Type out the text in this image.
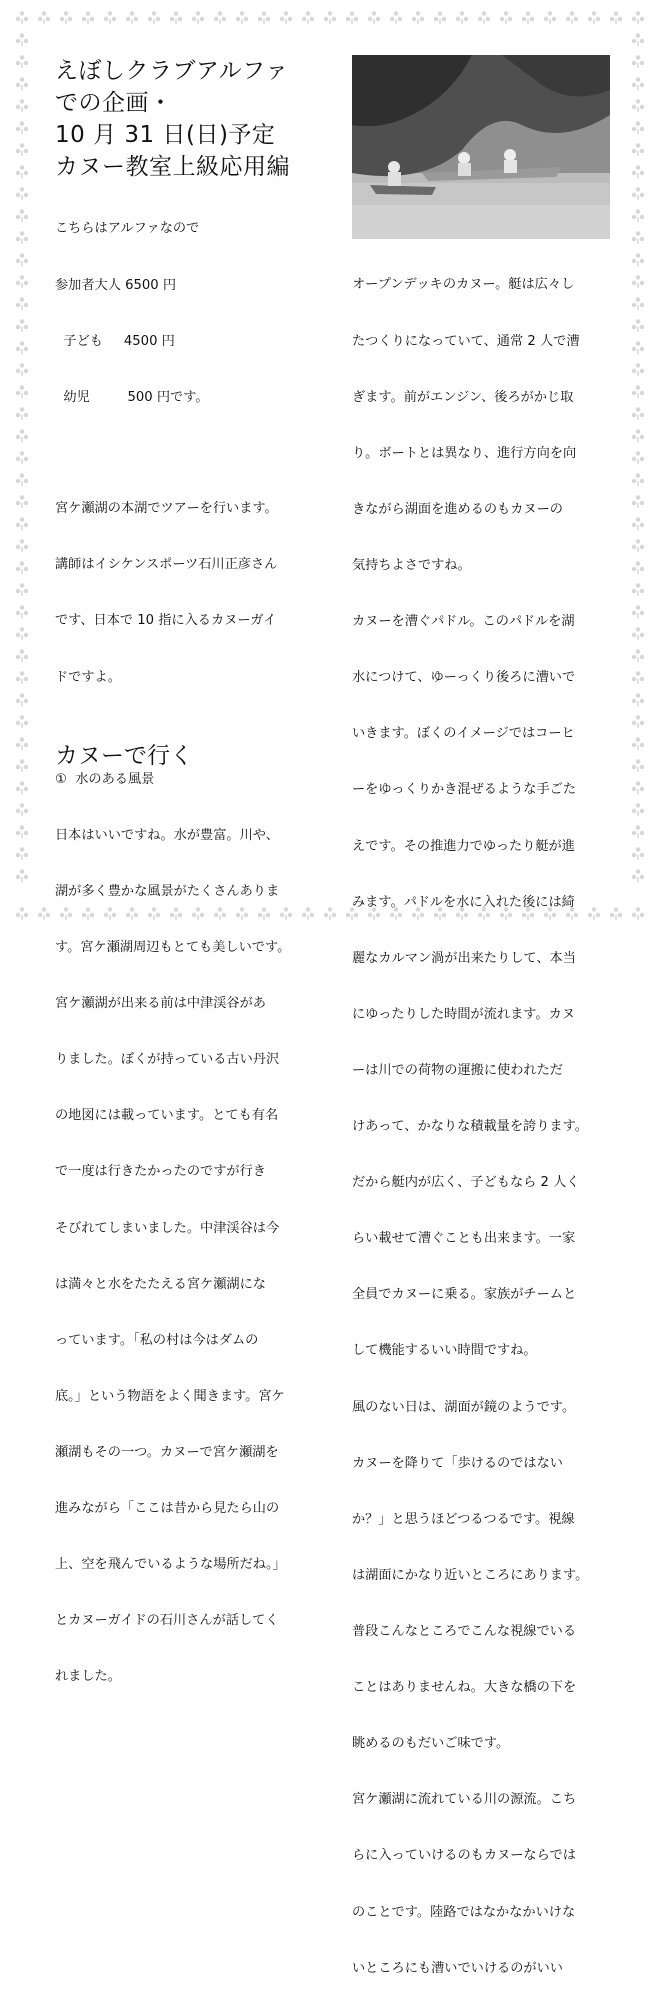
えぼしクラブアルファ
での企画・
10 月 31 日(日)予定
カヌー教室上級応用編

こちらはアルファなので

参加者大人 6500 円

子ども     4500 円

幼児         500 円です。

宮ケ瀬湖の本湖でツアーを行います。

講師はイシケンスポーツ石川正彦さん

です、日本で 10 指に入るカヌーガイ

ドですよ。

カヌーで行く
①  水のある風景

日本はいいですね。水が豊富。川や、

湖が多く豊かな風景がたくさんありま

す。宮ケ瀬湖周辺もとても美しいです。

宮ケ瀬湖が出来る前は中津渓谷があ

りました。ぼくが持っている古い丹沢

の地図には載っています。とても有名

で一度は行きたかったのですが行き

そびれてしまいました。中津渓谷は今

は満々と水をたたえる宮ケ瀬湖にな

っています。「私の村は今はダムの

底。」という物語をよく聞きます。宮ケ

瀬湖もその一つ。カヌーで宮ケ瀬湖を

進みながら「ここは昔から見たら山の

上、空を飛んでいるような場所だね。」

とカヌーガイドの石川さんが話してく

れました。

オープンデッキのカヌー。艇は広々し

たつくりになっていて、通常 2 人で漕

ぎます。前がエンジン、後ろがかじ取

り。ボートとは異なり、進行方向を向

きながら湖面を進めるのもカヌーの

気持ちよさですね。

カヌーを漕ぐパドル。このパドルを湖

水につけて、ゆーっくり後ろに漕いで

いきます。ぼくのイメージではコーヒ

ーをゆっくりかき混ぜるような手ごた

えです。その推進力でゆったり艇が進

みます。パドルを水に入れた後には綺

麗なカルマン渦が出来たりして、本当

にゆったりした時間が流れます。カヌ

ーは川での荷物の運搬に使われただ

けあって、かなりな積載量を誇ります。

だから艇内が広く、子どもなら 2 人く

らい載せて漕ぐことも出来ます。一家

全員でカヌーに乗る。家族がチームと

して機能するいい時間ですね。

風のない日は、湖面が鏡のようです。

カヌーを降りて「歩けるのではない

か？」と思うほどつるつるです。視線

は湖面にかなり近いところにあります。

普段こんなところでこんな視線でいる

ことはありませんね。大きな橋の下を

眺めるのもだいご味です。

宮ケ瀬湖に流れている川の源流。こち

らに入っていけるのもカヌーならでは

のことです。陸路ではなかなかいけな

いところにも漕いでいけるのがいい
